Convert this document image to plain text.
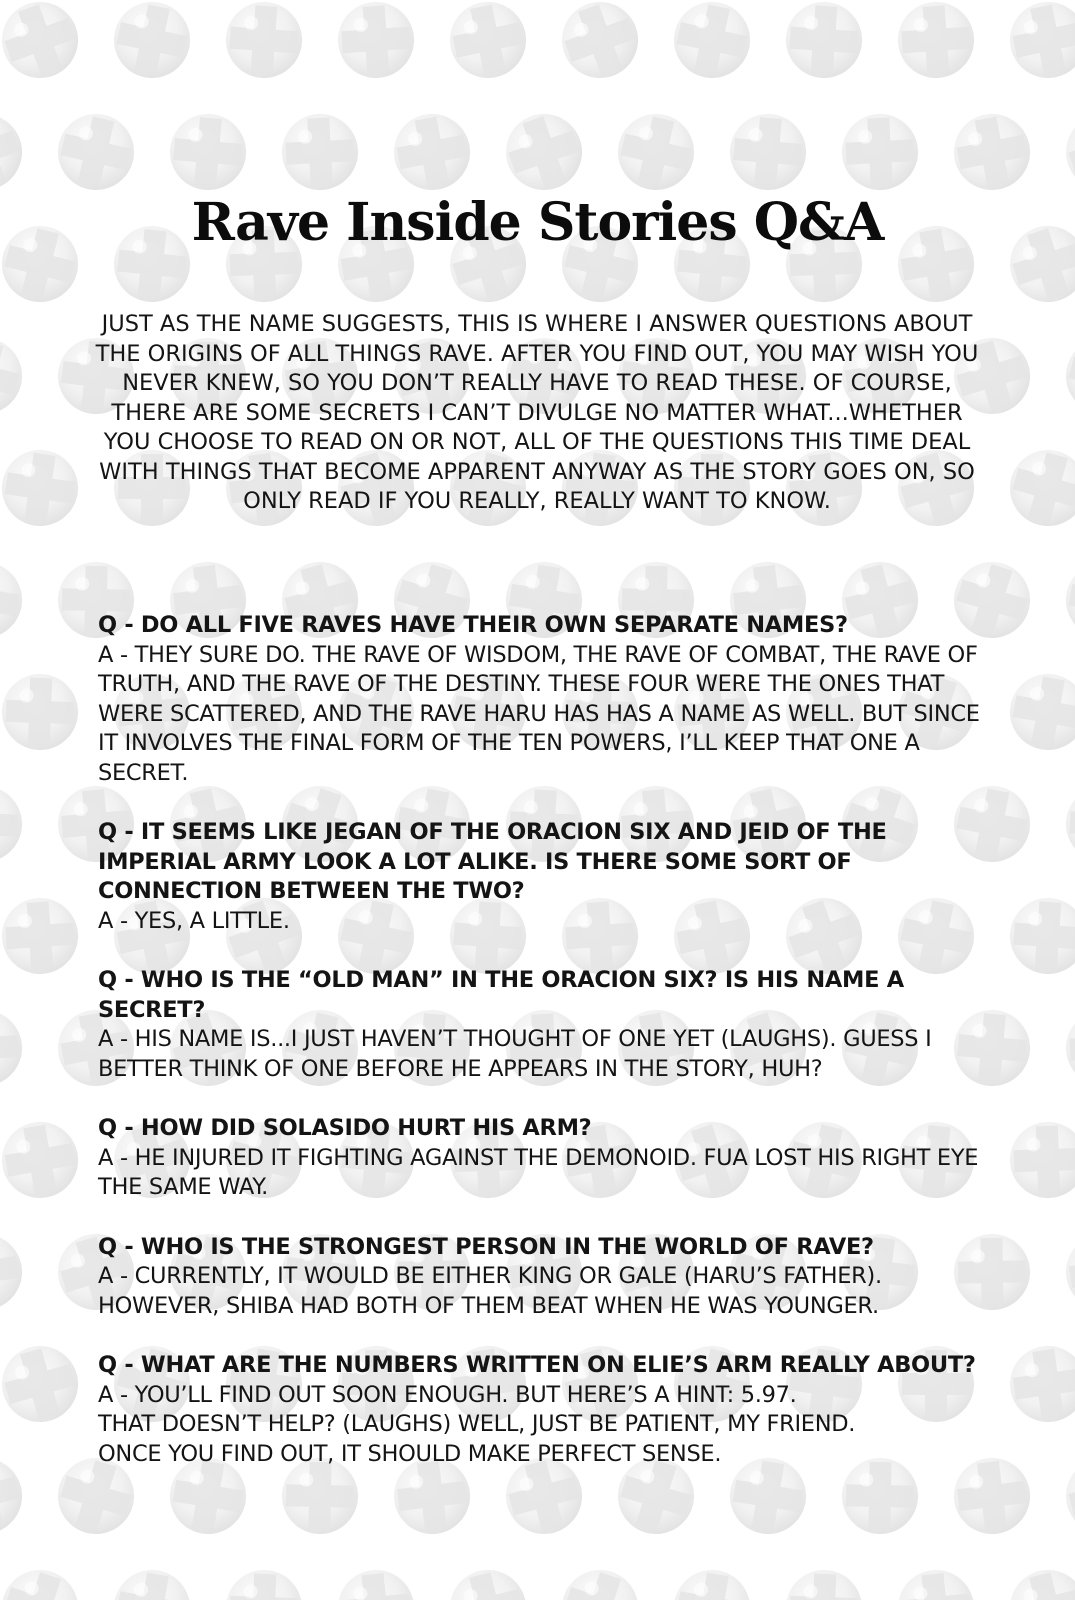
Rave Inside Stories Q&A

JUST AS THE NAME SUGGESTS, THIS IS WHERE I ANSWER QUESTIONS ABOUT THE ORIGINS OF ALL THINGS RAVE. AFTER YOU FIND OUT, YOU MAY WISH YOU NEVER KNEW, SO YOU DON’T REALLY HAVE TO READ THESE. OF COURSE, THERE ARE SOME SECRETS I CAN’T DIVULGE NO MATTER WHAT...WHETHER YOU CHOOSE TO READ ON OR NOT, ALL OF THE QUESTIONS THIS TIME DEAL WITH THINGS THAT BECOME APPARENT ANYWAY AS THE STORY GOES ON, SO ONLY READ IF YOU REALLY, REALLY WANT TO KNOW.

Q - DO ALL FIVE RAVES HAVE THEIR OWN SEPARATE NAMES?

A - THEY SURE DO. THE RAVE OF WISDOM, THE RAVE OF COMBAT, THE RAVE OF TRUTH, AND THE RAVE OF THE DESTINY. THESE FOUR WERE THE ONES THAT WERE SCATTERED, AND THE RAVE HARU HAS HAS A NAME AS WELL. BUT SINCE IT INVOLVES THE FINAL FORM OF THE TEN POWERS, I’LL KEEP THAT ONE A SECRET.

Q - IT SEEMS LIKE JEGAN OF THE ORACION SIX AND JEID OF THE IMPERIAL ARMY LOOK A LOT ALIKE. IS THERE SOME SORT OF CONNECTION BETWEEN THE TWO?

A - YES, A LITTLE.

Q - WHO IS THE “OLD MAN” IN THE ORACION SIX? IS HIS NAME A SECRET?

A - HIS NAME IS...I JUST HAVEN’T THOUGHT OF ONE YET (LAUGHS). GUESS I BETTER THINK OF ONE BEFORE HE APPEARS IN THE STORY, HUH?

Q - HOW DID SOLASIDO HURT HIS ARM?

A - HE INJURED IT FIGHTING AGAINST THE DEMONOID. FUA LOST HIS RIGHT EYE THE SAME WAY.

Q - WHO IS THE STRONGEST PERSON IN THE WORLD OF RAVE?

A - CURRENTLY, IT WOULD BE EITHER KING OR GALE (HARU’S FATHER). HOWEVER, SHIBA HAD BOTH OF THEM BEAT WHEN HE WAS YOUNGER.

Q - WHAT ARE THE NUMBERS WRITTEN ON ELIE’S ARM REALLY ABOUT?

A - YOU’LL FIND OUT SOON ENOUGH. BUT HERE’S A HINT: 5.97.
THAT DOESN’T HELP? (LAUGHS) WELL, JUST BE PATIENT, MY FRIEND.
ONCE YOU FIND OUT, IT SHOULD MAKE PERFECT SENSE.
